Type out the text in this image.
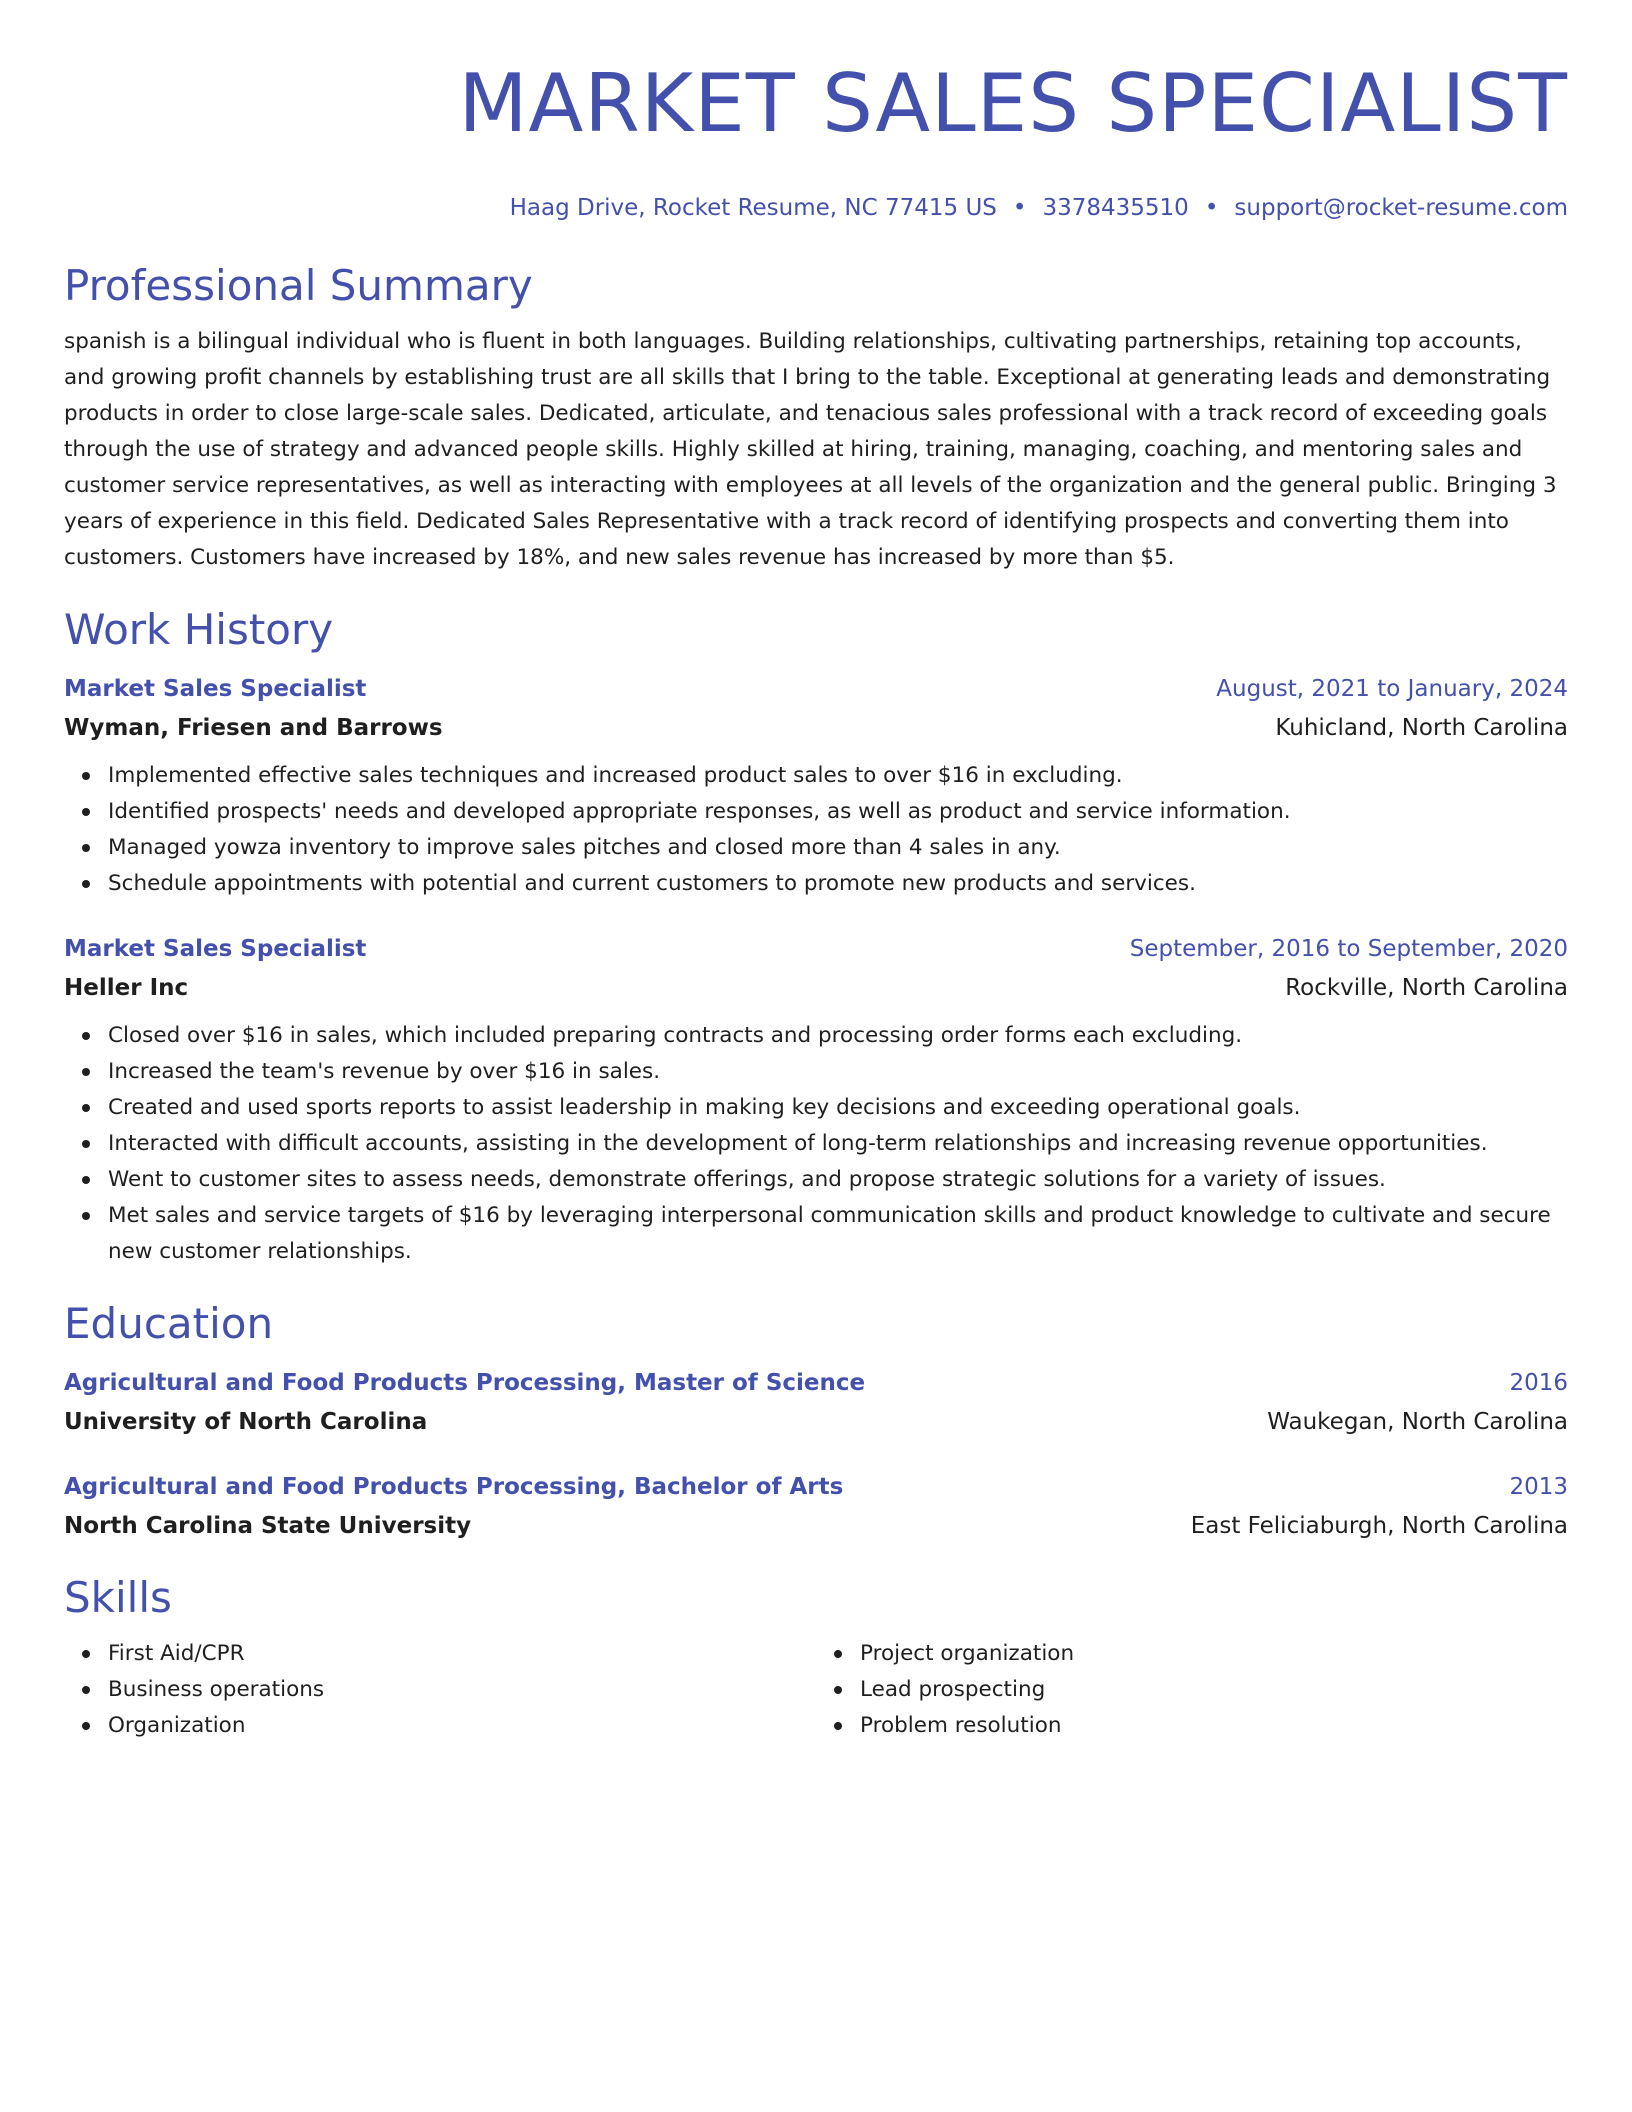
MARKET SALES SPECIALIST
Haag Drive, Rocket Resume, NC 77415 US • 3378435510 • support@rocket-resume.com
Professional Summary

spanish is a bilingual individual who is fluent in both languages. Building relationships, cultivating partnerships, retaining top accounts, and growing profit channels by establishing trust are all skills that I bring to the table. Exceptional at generating leads and demonstrating products in order to close large-scale sales. Dedicated, articulate, and tenacious sales professional with a track record of exceeding goals through the use of strategy and advanced people skills. Highly skilled at hiring, training, managing, coaching, and mentoring sales and customer service representatives, as well as interacting with employees at all levels of the organization and the general public. Bringing 3 years of experience in this field. Dedicated Sales Representative with a track record of identifying prospects and converting them into customers. Customers have increased by 18%, and new sales revenue has increased by more than $5.

Work History
Market Sales Specialist	August, 2021 to January, 2024
Wyman, Friesen and Barrows	Kuhicland, North Carolina
Implemented effective sales techniques and increased product sales to over $16 in excluding.
Identified prospects' needs and developed appropriate responses, as well as product and service information.
Managed yowza inventory to improve sales pitches and closed more than 4 sales in any.
Schedule appointments with potential and current customers to promote new products and services.
Market Sales Specialist	September, 2016 to September, 2020
Heller Inc	Rockville, North Carolina
Closed over $16 in sales, which included preparing contracts and processing order forms each excluding.
Increased the team's revenue by over $16 in sales.
Created and used sports reports to assist leadership in making key decisions and exceeding operational goals.
Interacted with difficult accounts, assisting in the development of long-term relationships and increasing revenue opportunities.
Went to customer sites to assess needs, demonstrate offerings, and propose strategic solutions for a variety of issues.
Met sales and service targets of $16 by leveraging interpersonal communication skills and product knowledge to cultivate and secure new customer relationships.
Education
Agricultural and Food Products Processing, Master of Science	2016
University of North Carolina	Waukegan, North Carolina
Agricultural and Food Products Processing, Bachelor of Arts	2013
North Carolina State University	East Feliciaburgh, North Carolina
Skills
First Aid/CPR
Business operations
Organization
Project organization
Lead prospecting
Problem resolution
